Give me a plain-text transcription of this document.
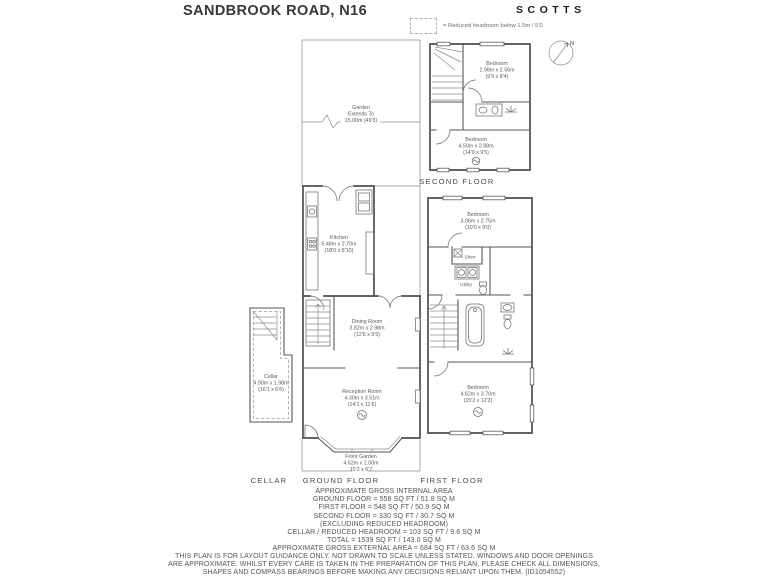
SANDBROOK ROAD, N16	SCOTTS
= Reduced headroom below 1.5m / 5'0
N
Garden
Extends To
15.00m (49'3)
Kitchen
5.48m x 2.70m
(18'0 x 8'10)
Dining Room
3.82m x 2.98m
(12'6 x 9'9)
Reception Room
4.30m x 3.51m
(14'1 x 11'6)
Front Garden
4.62m x 2.00m
15'2 x 6'7
GROUND FLOOR
Cellar
4.90m x 1.98m
(16'1 x 6'6)
CELLAR
Bedroom
3.06m x 2.75m
(10'0 x 9'0)
Shwr
Utility
Bedroom
4.62m x 3.70m
(15'2 x 12'2)
FIRST FLOOR
Bedroom
2.98m x 2.56m
(9'9 x 8'4)
Bedroom
4.50m x 2.88m
(14'9 x 9'5)
SECOND FLOOR
APPROXIMATE GROSS INTERNAL AREA
GROUND FLOOR = 558 SQ FT / 51.8 SQ M
FIRST FLOOR = 548 SQ FT / 50.9 SQ M
SECOND FLOOR = 330 SQ FT / 30.7 SQ M
(EXCLUDING REDUCED HEADROOM)
CELLAR / REDUCED HEADROOM = 103 SQ FT / 9.6 SQ M
TOTAL = 1539 SQ FT / 143.0 SQ M
APPROXIMATE GROSS EXTERNAL AREA = 684 SQ FT / 63.6 SQ M
THIS PLAN IS FOR LAYOUT GUIDANCE ONLY. NOT DRAWN TO SCALE UNLESS STATED. WINDOWS AND DOOR OPENINGS
ARE APPROXIMATE. WHILST EVERY CARE IS TAKEN IN THE PREPARATION OF THIS PLAN, PLEASE CHECK ALL DIMENSIONS,
SHAPES AND COMPASS BEARINGS BEFORE MAKING ANY DECISIONS RELIANT UPON THEM. (ID1054552)
